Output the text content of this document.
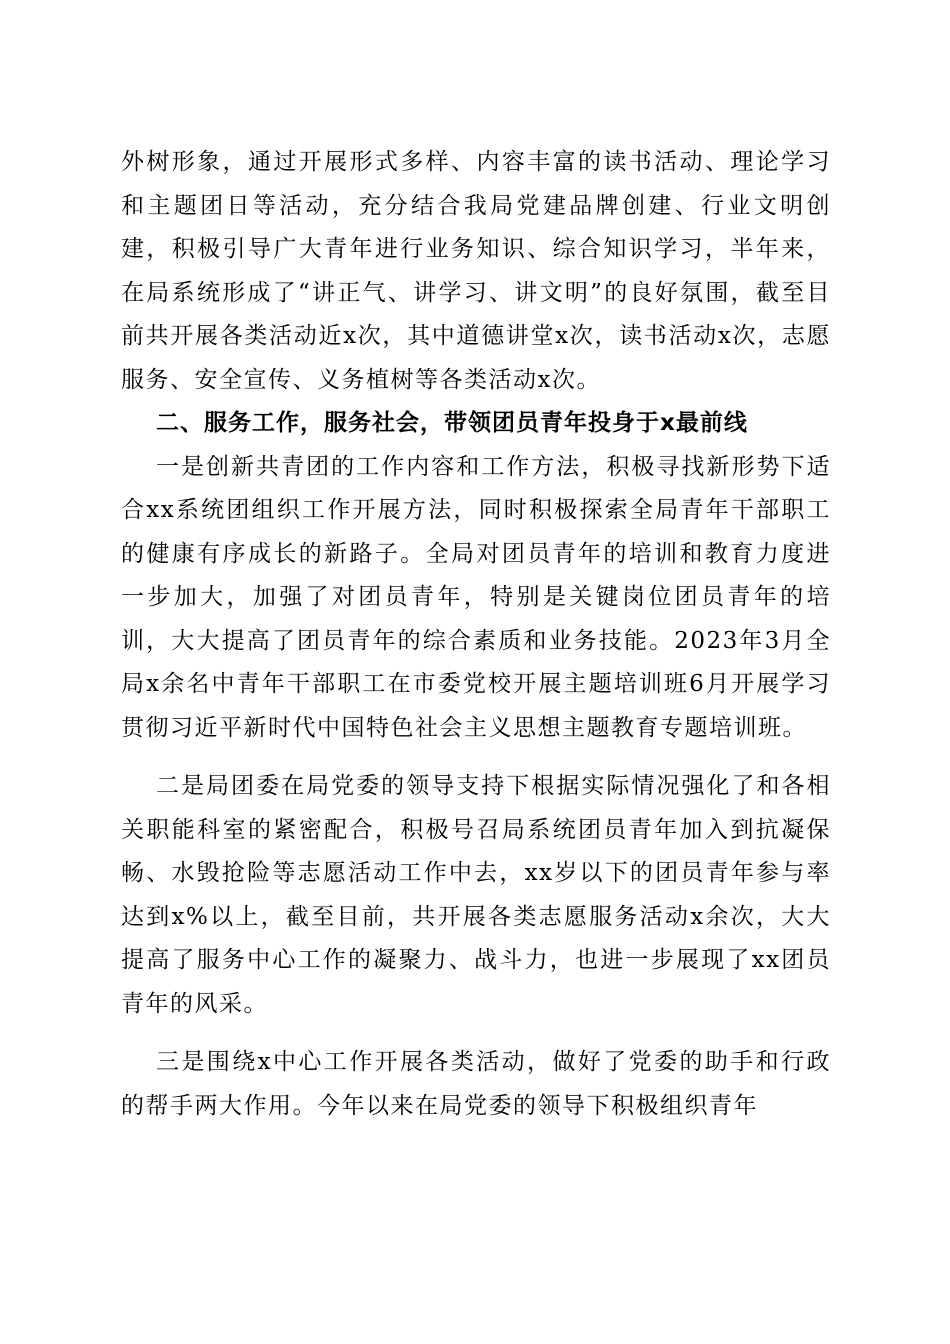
外树形象，通过开展形式多样、内容丰富的读书活动、理论学习和主题团日等活动，充分结合我局党建品牌创建、行业文明创建，积极引导广大青年进行业务知识、综合知识学习，半年来，在局系统形成了“讲正气、讲学习、讲文明”的良好氛围，截至目前共开展各类活动近x次，其中道德讲堂x次，读书活动x次，志愿服务、安全宣传、义务植树等各类活动x次。

二、服务工作，服务社会，带领团员青年投身于x最前线

一是创新共青团的工作内容和工作方法，积极寻找新形势下适合xx系统团组织工作开展方法，同时积极探索全局青年干部职工的健康有序成长的新路子。全局对团员青年的培训和教育力度进一步加大，加强了对团员青年，特别是关键岗位团员青年的培训，大大提高了团员青年的综合素质和业务技能。2023年3月全局x余名中青年干部职工在市委党校开展主题培训班6月开展学习贯彻习近平新时代中国特色社会主义思想主题教育专题培训班。

二是局团委在局党委的领导支持下根据实际情况强化了和各相关职能科室的紧密配合，积极号召局系统团员青年加入到抗凝保畅、水毁抢险等志愿活动工作中去，xx岁以下的团员青年参与率达到x%以上，截至目前，共开展各类志愿服务活动x余次，大大提高了服务中心工作的凝聚力、战斗力，也进一步展现了xx团员青年的风采。

三是围绕x中心工作开展各类活动，做好了党委的助手和行政的帮手两大作用。今年以来在局党委的领导下积极组织青年
